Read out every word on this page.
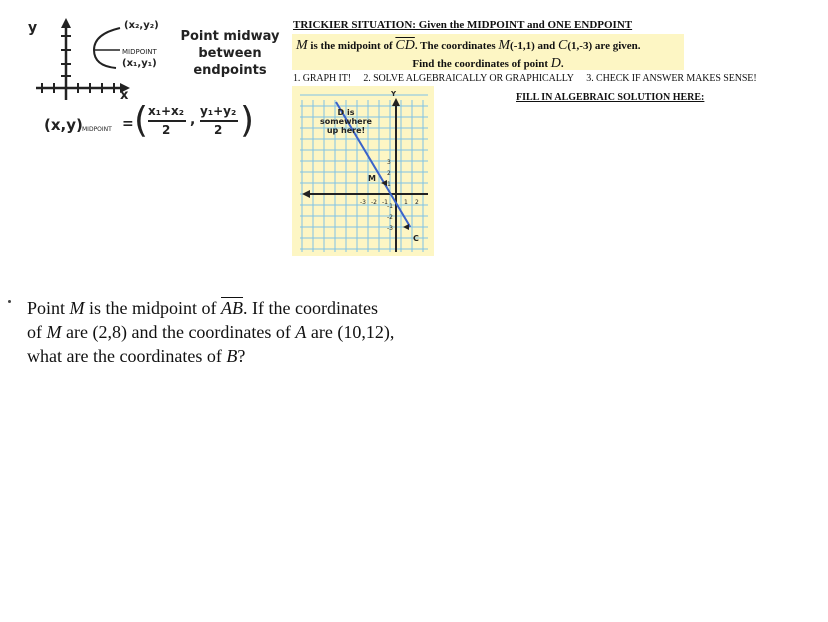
y
x
(x₂,y₂)
MIDPOINT
(x₁,y₁)
Point midway
between
endpoints
(x,y) MIDPOINT = ( x₁+x₂
2
,
y₁+y₂
2 )
TRICKIER SITUATION: Given the MIDPOINT and ONE ENDPOINT
M is the midpoint of $\overline{CD}$. The coordinates M(-1,1) and C(1,-3) are given.
Find the coordinates of point D.
1. GRAPH IT! 2. SOLVE ALGEBRAICALLY OR GRAPHICALLY 3. CHECK IF ANSWER MAKES SENSE!
FILL IN ALGEBRAIC SOLUTION HERE:
-3 -2 -1	1 2
3
2
1
-1
-2
-3
D is somewhere
up here!
Y
M
C
Point M is the midpoint of $\overline{AB}$. If the coordinates
of M are (2,8) and the coordinates of A are (10,12),
what are the coordinates of B?
